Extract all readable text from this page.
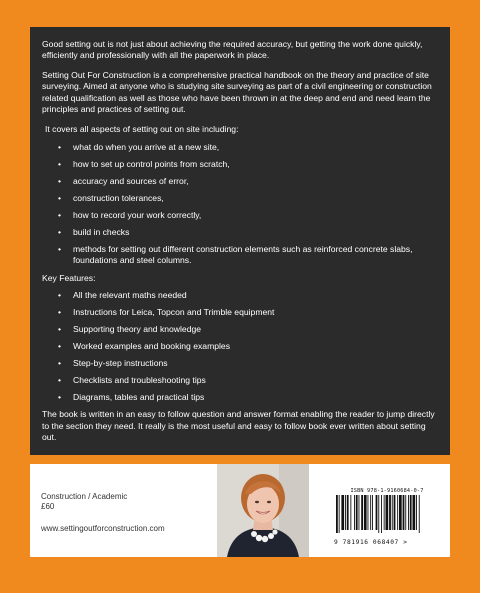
Good setting out is not just about achieving the required accuracy, but getting the work done quickly, efficiently and professionally with all the paperwork in place.

Setting Out For Construction is a comprehensive practical handbook on the theory and practice of site surveying. Aimed at anyone who is studying site surveying as part of a civil engineering or construction related qualification as well as those who have been thrown in at the deep and end and need learn the principles and practices of setting out.

It covers all aspects of setting out on site including:

• what do when you arrive at a new site,
• how to set up control points from scratch,
• accuracy and sources of error,
• construction tolerances,
• how to record your work correctly,
• build in checks
• methods for setting out different construction elements such as reinforced concrete slabs, foundations and steel columns.

Key Features:

• All the relevant maths needed
• Instructions for Leica, Topcon and Trimble equipment
• Supporting theory and knowledge
• Worked examples and booking examples
• Step-by-step instructions
• Checklists and troubleshooting tips
• Diagrams, tables and practical tips

The book is written in an easy to follow question and answer format enabling the reader to jump directly to the section they need. It really is the most useful and easy to follow book ever written about setting out.

Construction / Academic
£60
www.settingoutforconstruction.com
ISBN 978-1-9160684-0-7
9 781916 068407 >
